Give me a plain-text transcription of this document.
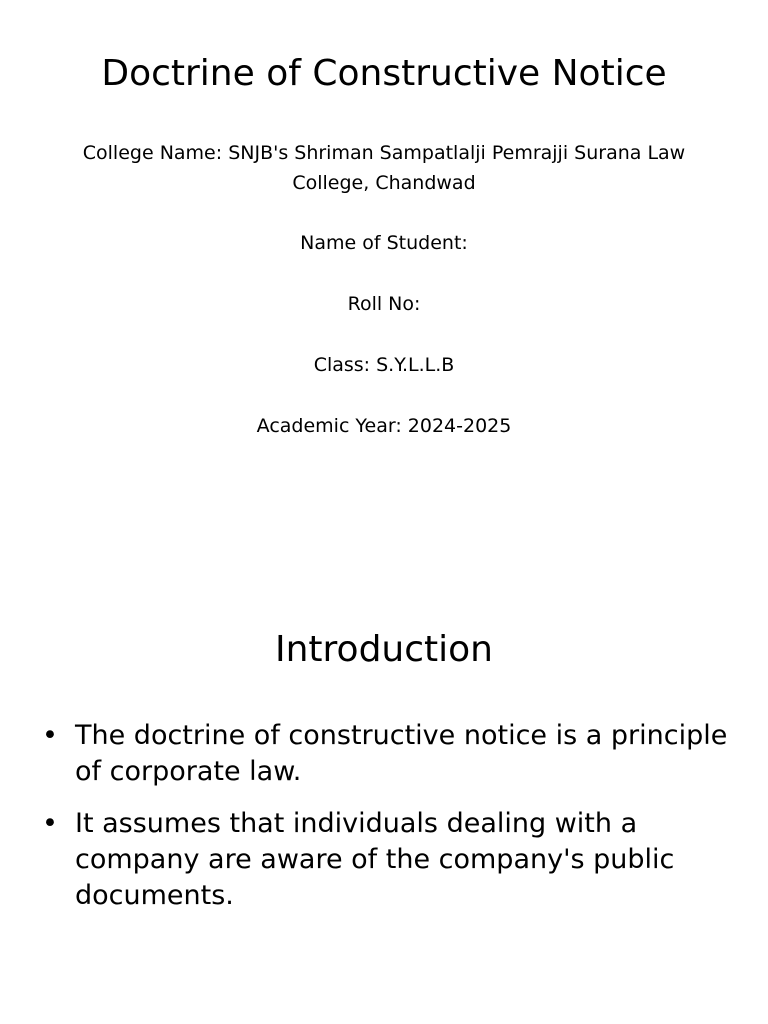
Doctrine of Constructive Notice

College Name: SNJB's Shriman Sampatlalji Pemrajji Surana Law College, Chandwad

Name of Student:

Roll No:

Class: S.Y.L.L.B

Academic Year: 2024-2025

Introduction
• The doctrine of constructive notice is a principle of corporate law.
• It assumes that individuals dealing with a company are aware of the company's public documents.
